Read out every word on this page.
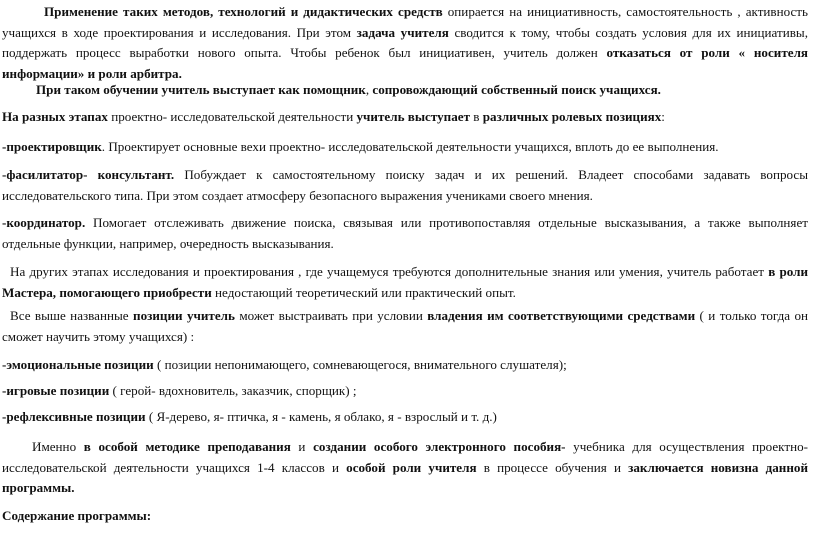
Применение таких методов, технологий и дидактических средств опирается на инициативность, самостоятельность , активность учащихся в ходе проектирования и исследования. При этом задача учителя сводится к тому, чтобы создать условия для их инициативы, поддержать процесс выработки нового опыта. Чтобы ребенок был инициативен, учитель должен отказаться от роли « носителя информации» и роли арбитра.

При таком обучении учитель выступает как помощник, сопровождающий собственный поиск учащихся.

На разных этапах проектно- исследовательской деятельности учитель выступает в различных ролевых позициях:

-проектировщик. Проектирует основные вехи проектно- исследовательской деятельности учащихся, вплоть до ее выполнения.

-фасилитатор- консультант. Побуждает к самостоятельному поиску задач и их решений. Владеет способами задавать вопросы исследовательского типа. При этом создает атмосферу безопасного выражения учениками своего мнения.

-координатор. Помогает отслеживать движение поиска, связывая или противопоставляя отдельные высказывания, а также выполняет отдельные функции, например, очередность высказывания.

На других этапах исследования и проектирования , где учащемуся требуются дополнительные знания или умения, учитель работает в роли Мастера, помогающего приобрести недостающий теоретический или практический опыт.

Все выше названные позиции учитель может выстраивать при условии владения им соответствующими средствами ( и только тогда он сможет научить этому учащихся) :

-эмоциональные позиции ( позиции непонимающего, сомневающегося, внимательного слушателя);

-игровые позиции ( герой- вдохновитель, заказчик, спорщик) ;

-рефлексивные позиции ( Я-дерево, я- птичка, я - камень, я облако, я - взрослый и т. д.)

Именно в особой методике преподавания и создании особого электронного пособия- учебника для осуществления проектно- исследовательской деятельности учащихся 1-4 классов и особой роли учителя в процессе обучения и заключается новизна данной программы.

Содержание программы:
